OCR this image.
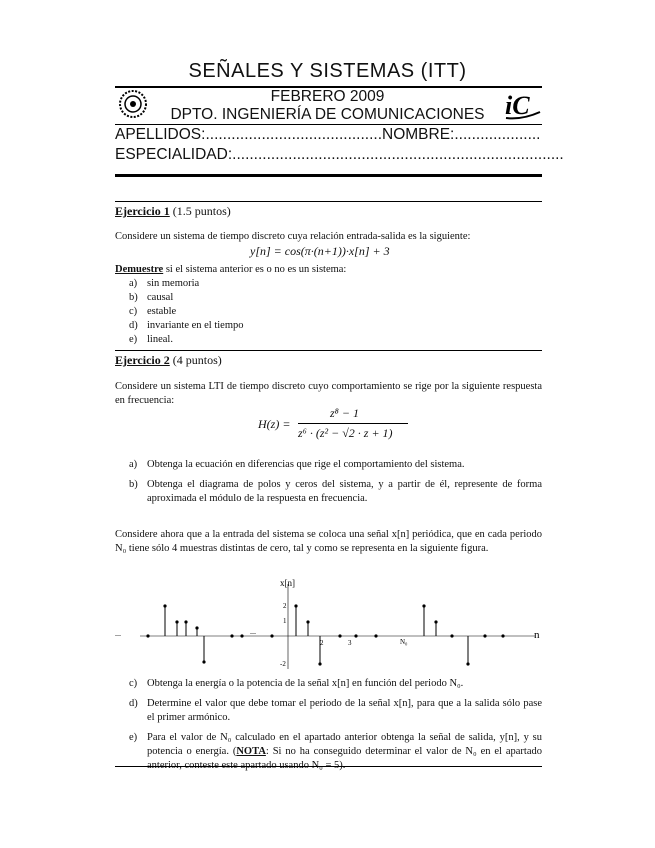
SEÑALES Y SISTEMAS (ITT)
FEBRERO 2009
DPTO. INGENIERÍA DE COMUNICACIONES iC
APELLIDOS:.........................................NOMBRE:....................
ESPECIALIDAD:.............................................................................
Ejercicio 1 (1.5 puntos)
Considere un sistema de tiempo discreto cuya relación entrada-salida es la siguiente:
y[n] = cos(π·(n+1))·x[n] + 3
Demuestre si el sistema anterior es o no es un sistema:
a) sin memoria
b) causal
c) estable
d) invariante en el tiempo
e) lineal.
Ejercicio 2 (4 puntos)
Considere un sistema LTI de tiempo discreto cuyo comportamiento se rige por la siguiente respuesta en frecuencia:
H(z) =
z⁸ − 1
z⁶ · (z² − √2 · z + 1)
a) Obtenga la ecuación en diferencias que rige el comportamiento del sistema.
b) Obtenga el diagrama de polos y ceros del sistema, y a partir de él, represente de forma aproximada el módulo de la respuesta en frecuencia.
Considere ahora que a la entrada del sistema se coloca una señal x[n] periódica, que en cada periodo N₀ tiene sólo 4 muestras distintas de cero, tal y como se representa en la siguiente figura.
x[n]
n
2
1
-2
...	...
2	3	N₀
c) Obtenga la energía o la potencia de la señal x[n] en función del periodo N₀.
d) Determine el valor que debe tomar el periodo de la señal x[n], para que a la salida sólo pase el primer armónico.
e) Para el valor de N₀ calculado en el apartado anterior obtenga la señal de salida, y[n], y su potencia o energía. (NOTA: Si no ha conseguido determinar el valor de N₀ en el apartado
